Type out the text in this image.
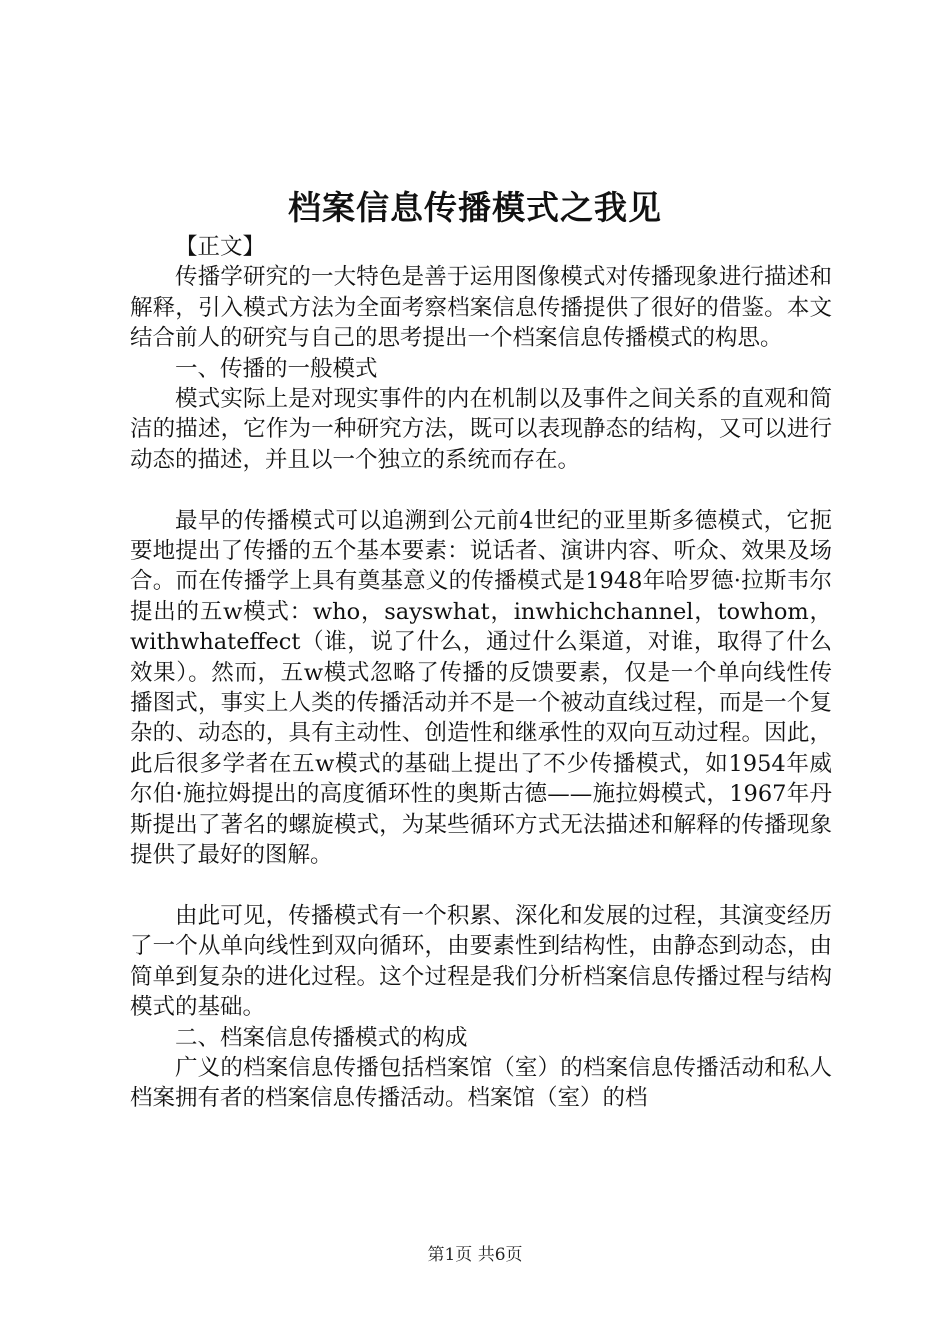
档案信息传播模式之我见

【正文】

传播学研究的一大特色是善于运用图像模式对传播现象进行描述和解释，引入模式方法为全面考察档案信息传播提供了很好的借鉴。本文结合前人的研究与自己的思考提出一个档案信息传播模式的构思。

一、传播的一般模式

模式实际上是对现实事件的内在机制以及事件之间关系的直观和简洁的描述，它作为一种研究方法，既可以表现静态的结构，又可以进行动态的描述，并且以一个独立的系统而存在。

最早的传播模式可以追溯到公元前4世纪的亚里斯多德模式，它扼要地提出了传播的五个基本要素：说话者、演讲内容、听众、效果及场合。而在传播学上具有奠基意义的传播模式是1948年哈罗德·拉斯韦尔提出的五w模式：who，sayswhat，inwhichchannel，towhom，withwhateffect（谁，说了什么，通过什么渠道，对谁，取得了什么效果）。然而，五w模式忽略了传播的反馈要素，仅是一个单向线性传播图式，事实上人类的传播活动并不是一个被动直线过程，而是一个复杂的、动态的，具有主动性、创造性和继承性的双向互动过程。因此，此后很多学者在五w模式的基础上提出了不少传播模式，如1954年威尔伯·施拉姆提出的高度循环性的奥斯古德——施拉姆模式，1967年丹斯提出了著名的螺旋模式，为某些循环方式无法描述和解释的传播现象提供了最好的图解。

由此可见，传播模式有一个积累、深化和发展的过程，其演变经历了一个从单向线性到双向循环，由要素性到结构性，由静态到动态，由简单到复杂的进化过程。这个过程是我们分析档案信息传播过程与结构模式的基础。

二、档案信息传播模式的构成

广义的档案信息传播包括档案馆（室）的档案信息传播活动和私人档案拥有者的档案信息传播活动。档案馆（室）的档

第1页 共6页
